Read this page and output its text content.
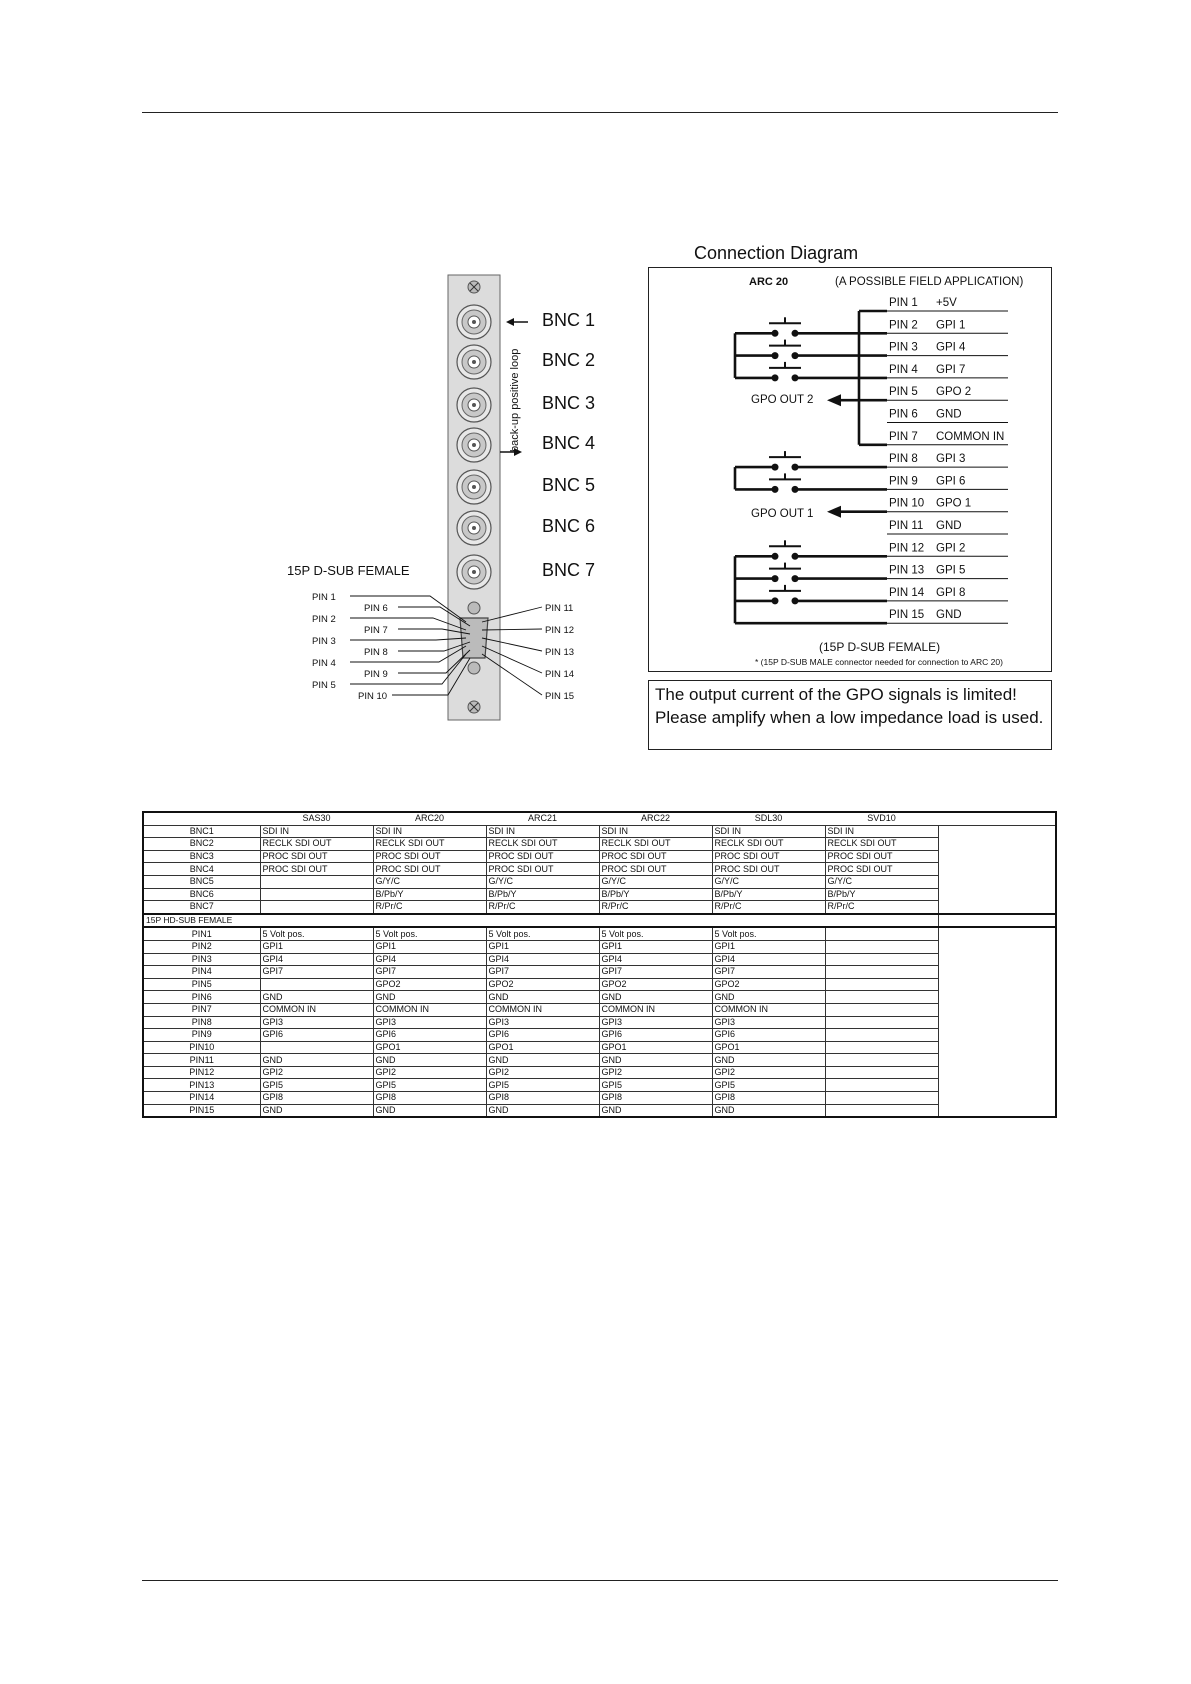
BNC 1
BNC 2
BNC 3
BNC 4
BNC 5
BNC 6
BNC 7
back-up positive loop
15P D-SUB FEMALE
PIN 1
PIN 2
PIN 3
PIN 4
PIN 5
PIN 6
PIN 7
PIN 8
PIN 9
PIN 10
PIN 11
PIN 12
PIN 13
PIN 14
PIN 15
Connection Diagram
ARC 20	(A POSSIBLE FIELD APPLICATION)
PIN 1 +5V
PIN 2 GPI 1
PIN 3 GPI 4
PIN 4 GPI 7
PIN 5 GPO 2
PIN 6 GND
PIN 7 COMMON IN
PIN 8 GPI 3
PIN 9 GPI 6
PIN 10 GPO 1
PIN 11 GND
PIN 12 GPI 2
PIN 13 GPI 5
PIN 14 GPI 8
PIN 15 GND
GPO OUT 2
GPO OUT 1
(15P D-SUB FEMALE)
* (15P D-SUB MALE connector needed for connection to ARC 20)
The output current of the GPO signals is limited! Please amplify when a low impedance load is used.
	SAS30	ARC20	ARC21	ARC22	SDL30	SVD10	
BNC1	SDI IN	SDI IN	SDI IN	SDI IN	SDI IN	SDI IN	
BNC2	RECLK SDI OUT	RECLK SDI OUT	RECLK SDI OUT	RECLK SDI OUT	RECLK SDI OUT	RECLK SDI OUT	
BNC3	PROC SDI OUT	PROC SDI OUT	PROC SDI OUT	PROC SDI OUT	PROC SDI OUT	PROC SDI OUT	
BNC4	PROC SDI OUT	PROC SDI OUT	PROC SDI OUT	PROC SDI OUT	PROC SDI OUT	PROC SDI OUT	
BNC5		G/Y/C	G/Y/C	G/Y/C	G/Y/C	G/Y/C	
BNC6		B/Pb/Y	B/Pb/Y	B/Pb/Y	B/Pb/Y	B/Pb/Y	
BNC7		R/Pr/C	R/Pr/C	R/Pr/C	R/Pr/C	R/Pr/C	
15P HD-SUB FEMALE							
PIN1	5 Volt pos.	5 Volt pos.	5 Volt pos.	5 Volt pos.	5 Volt pos.		
PIN2	GPI1	GPI1	GPI1	GPI1	GPI1		
PIN3	GPI4	GPI4	GPI4	GPI4	GPI4		
PIN4	GPI7	GPI7	GPI7	GPI7	GPI7		
PIN5		GPO2	GPO2	GPO2	GPO2		
PIN6	GND	GND	GND	GND	GND		
PIN7	COMMON IN	COMMON IN	COMMON IN	COMMON IN	COMMON IN		
PIN8	GPI3	GPI3	GPI3	GPI3	GPI3		
PIN9	GPI6	GPI6	GPI6	GPI6	GPI6		
PIN10		GPO1	GPO1	GPO1	GPO1		
PIN11	GND	GND	GND	GND	GND		
PIN12	GPI2	GPI2	GPI2	GPI2	GPI2		
PIN13	GPI5	GPI5	GPI5	GPI5	GPI5		
PIN14	GPI8	GPI8	GPI8	GPI8	GPI8		
PIN15	GND	GND	GND	GND	GND		
